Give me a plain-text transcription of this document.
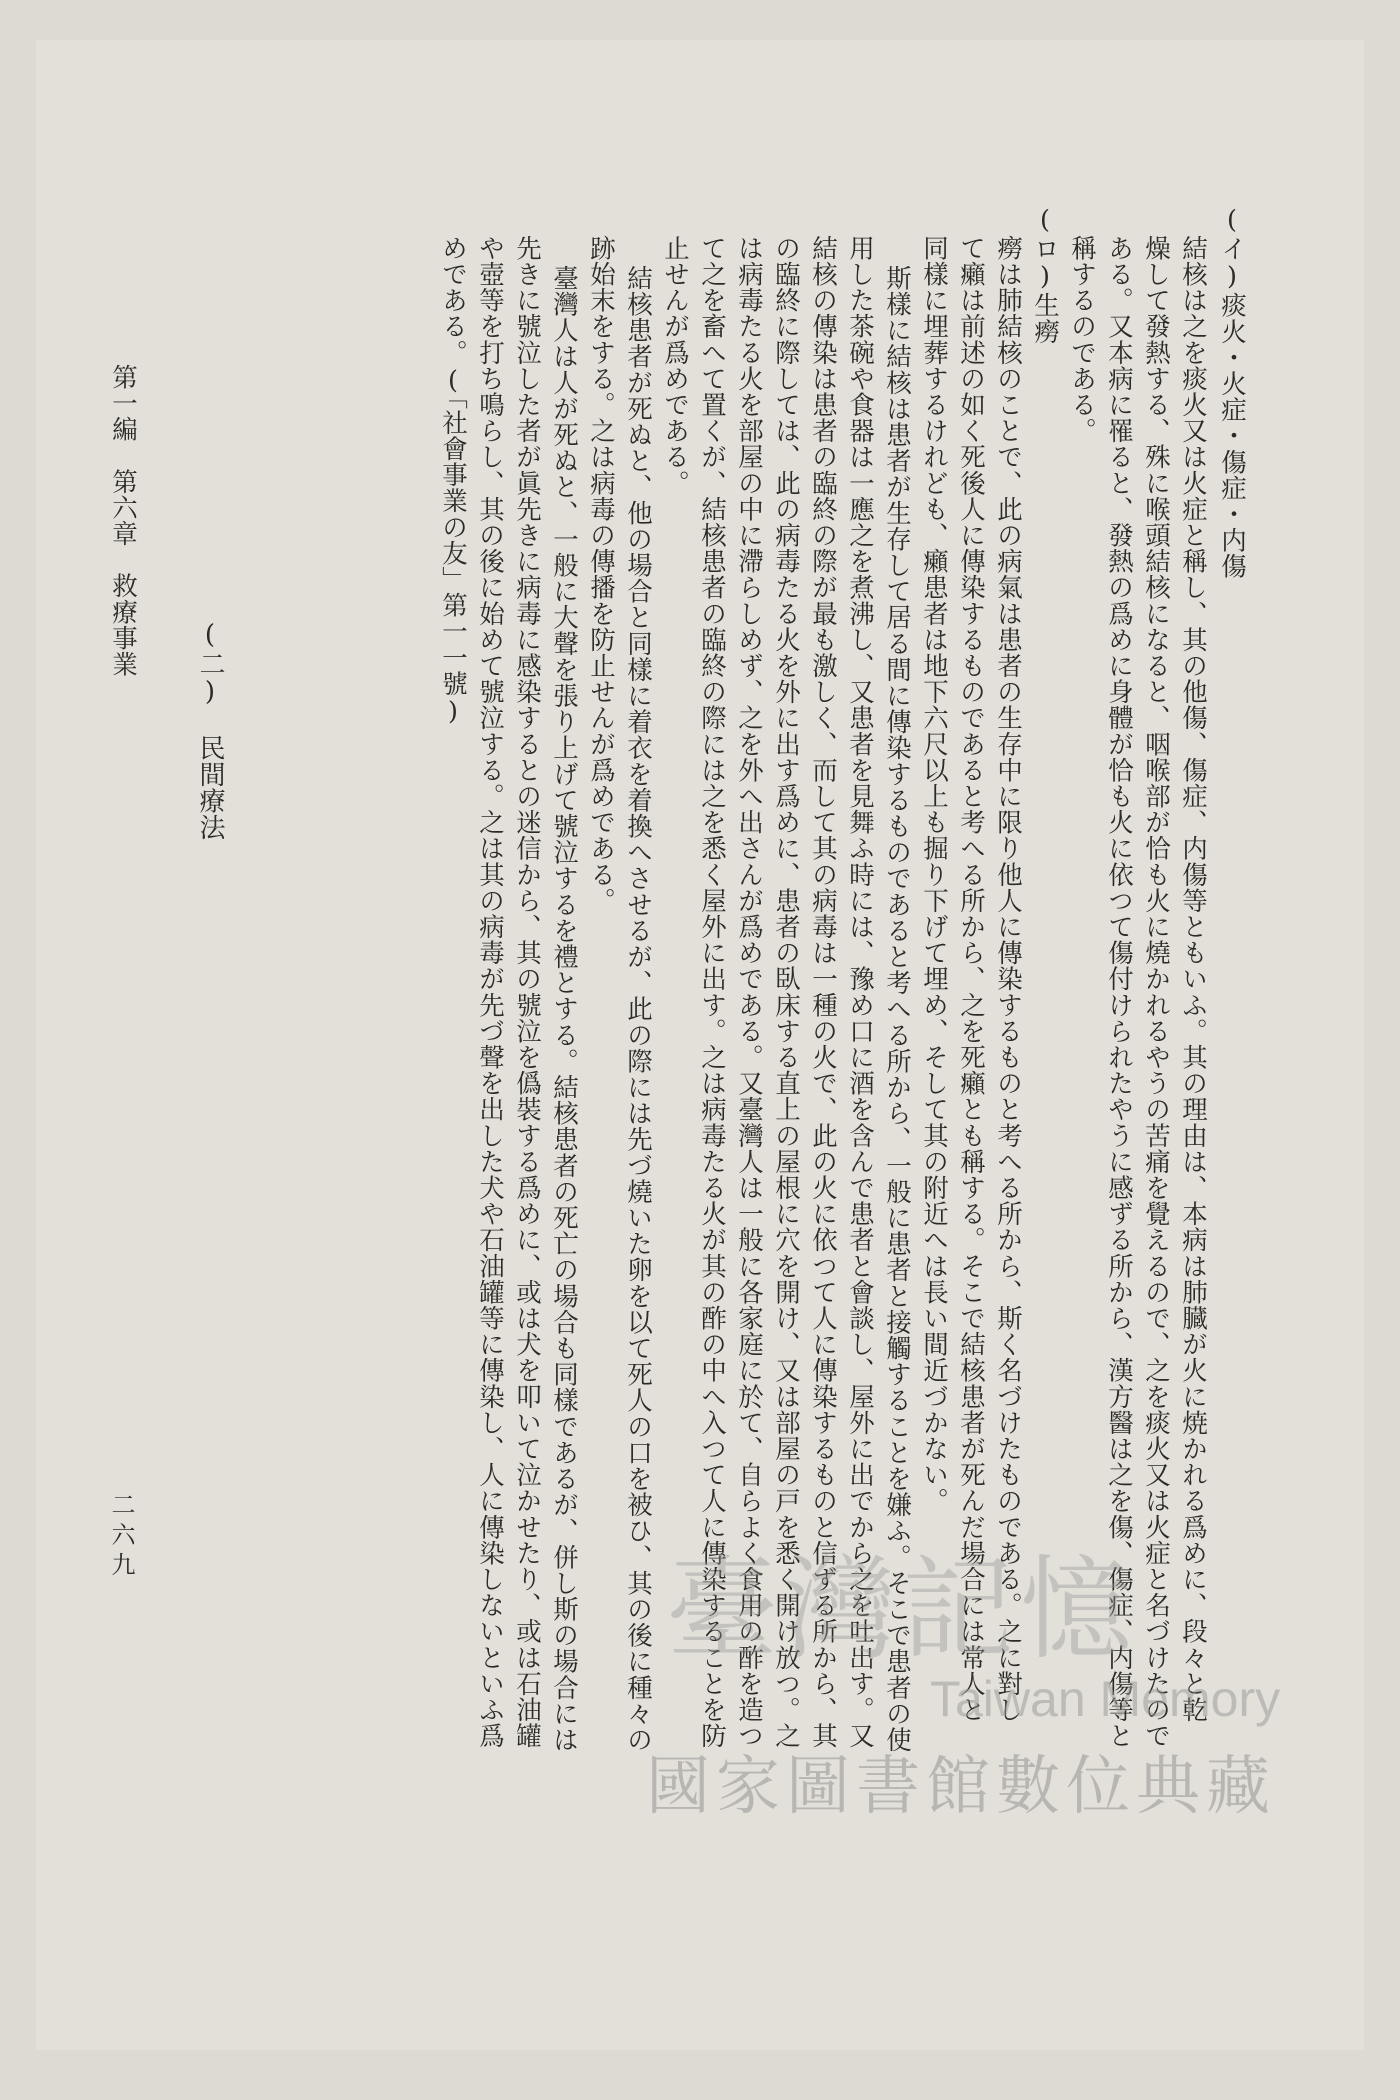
(イ)痰火・火症・傷症・内傷
結核は之を痰火又は火症と稱し、其の他傷、傷症、内傷等ともいふ。其の理由は、本病は肺臓が火に焼かれる爲めに、段々と乾
燥して發熱する、殊に喉頭結核になると、咽喉部が恰も火に燒かれるやうの苦痛を覺えるので、之を痰火又は火症と名づけたので
ある。又本病に罹ると、發熱の爲めに身體が恰も火に依つて傷付けられたやうに感ずる所から、漢方醫は之を傷、傷症、内傷等と
稱するのである。
(ロ)生癆
癆は肺結核のことで、此の病氣は患者の生存中に限り他人に傳染するものと考へる所から、斯く名づけたものである。之に對し
て癩は前述の如く死後人に傳染するものであると考へる所から、之を死癩とも稱する。そこで結核患者が死んだ場合には常人と
同樣に埋葬するけれども、癩患者は地下六尺以上も掘り下げて埋め、そして其の附近へは長い間近づかない。
斯樣に結核は患者が生存して居る間に傳染するものであると考へる所から、一般に患者と接觸することを嫌ふ。そこで患者の使
用した茶碗や食器は一應之を煮沸し、又患者を見舞ふ時には、豫め口に酒を含んで患者と會談し、屋外に出でから之を吐出す。又
結核の傳染は患者の臨終の際が最も激しく、而して其の病毒は一種の火で、此の火に依つて人に傳染するものと信ずる所から、其
の臨終に際しては、此の病毒たる火を外に出す爲めに、患者の臥床する直上の屋根に穴を開け、又は部屋の戸を悉く開け放つ。之
は病毒たる火を部屋の中に滯らしめず、之を外へ出さんが爲めである。又臺灣人は一般に各家庭に於て、自らよく食用の酢を造つ
て之を畜へて置くが、結核患者の臨終の際には之を悉く屋外に出す。之は病毒たる火が其の酢の中へ入つて人に傳染することを防
止せんが爲めである。
結核患者が死ぬと、他の場合と同樣に着衣を着換へさせるが、此の際には先づ燒いた卵を以て死人の口を被ひ、其の後に種々の
跡始末をする。之は病毒の傳播を防止せんが爲めである。
臺灣人は人が死ぬと、一般に大聲を張り上げて號泣するを禮とする。結核患者の死亡の場合も同樣であるが、併し斯の場合には
先きに號泣した者が眞先きに病毒に感染するとの迷信から、其の號泣を僞裝する爲めに、或は犬を叩いて泣かせたり、或は石油罐
や壺等を打ち鳴らし、其の後に始めて號泣する。之は其の病毒が先づ聲を出した犬や石油罐等に傳染し、人に傳染しないといふ爲
めである。(「社會事業の友」第一一號)
(二)　民間療法
第一編　第六章　救療事業
二六九
臺 灣 記 憶
Taiwan Memory
國家圖書館數位典藏
